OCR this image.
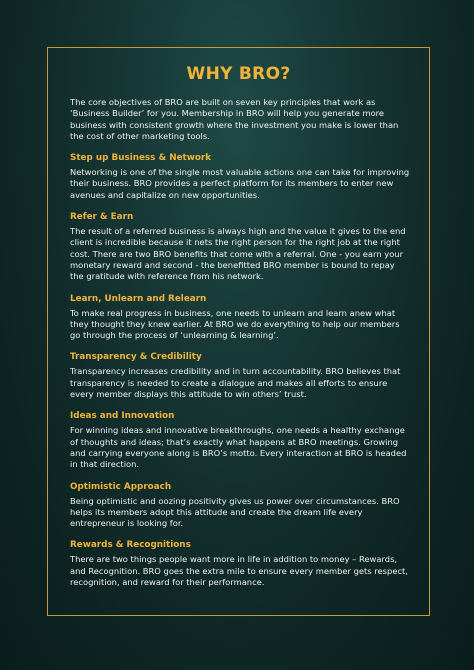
WHY BRO?

The core objectives of BRO are built on seven key principles that work as ‘Business Builder’ for you. Membership in BRO will help you generate more business with consistent growth where the investment you make is lower than the cost of other marketing tools.

Step up Business & Network

Networking is one of the single most valuable actions one can take for improving their business. BRO provides a perfect platform for its members to enter new avenues and capitalize on new opportunities.

Refer & Earn

The result of a referred business is always high and the value it gives to the end client is incredible because it nets the right person for the right job at the right cost. There are two BRO benefits that come with a referral. One - you earn your monetary reward and second - the benefitted BRO member is bound to repay the gratitude with reference from his network.

Learn, Unlearn and Relearn

To make real progress in business, one needs to unlearn and learn anew what they thought they knew earlier. At BRO we do everything to help our members go through the process of ‘unlearning & learning’.

Transparency & Credibility

Transparency increases credibility and in turn accountability. BRO believes that transparency is needed to create a dialogue and makes all efforts to ensure every member displays this attitude to win others’ trust.

Ideas and Innovation

For winning ideas and innovative breakthroughs, one needs a healthy exchange of thoughts and ideas; that’s exactly what happens at BRO meetings. Growing and carrying everyone along is BRO’s motto. Every interaction at BRO is headed in that direction.

Optimistic Approach

Being optimistic and oozing positivity gives us power over circumstances. BRO helps its members adopt this attitude and create the dream life every entrepreneur is looking for.

Rewards & Recognitions

There are two things people want more in life in addition to money – Rewards, and Recognition. BRO goes the extra mile to ensure every member gets respect, recognition, and reward for their performance.
